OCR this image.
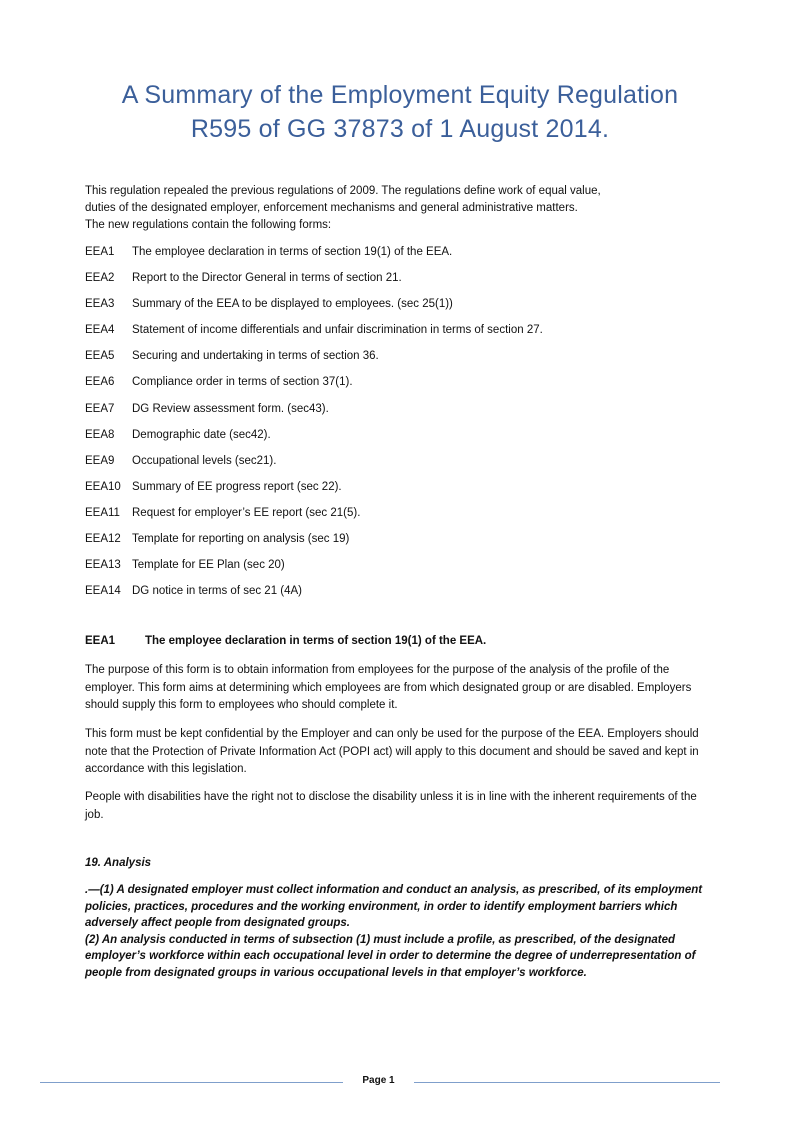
A Summary of the Employment Equity Regulation
R595 of GG 37873 of 1 August 2014.

This regulation repealed the previous regulations of 2009. The regulations define work of equal value,

duties of the designated employer, enforcement mechanisms and general administrative matters.

The new regulations contain the following forms:

EEA1	The employee declaration in terms of section 19(1) of the EEA.
EEA2	Report to the Director General in terms of section 21.
EEA3	Summary of the EEA to be displayed to employees. (sec 25(1))
EEA4	Statement of income differentials and unfair discrimination in terms of section 27.
EEA5	Securing and undertaking in terms of section 36.
EEA6	Compliance order in terms of section 37(1).
EEA7	DG Review assessment form. (sec43).
EEA8	Demographic date (sec42).
EEA9	Occupational levels (sec21).
EEA10 Summary of EE progress report (sec 22).
EEA11	Request for employer’s EE report (sec 21(5).
EEA12 Template for reporting on analysis (sec 19)
EEA13 Template for EE Plan (sec 20)
EEA14 DG notice in terms of sec 21 (4A)
EEA1	The employee declaration in terms of section 19(1) of the EEA.

The purpose of this form is to obtain information from employees for the purpose of the analysis of the profile of the employer. This form aims at determining which employees are from which designated group or are disabled. Employers should supply this form to employees who should complete it.

This form must be kept confidential by the Employer and can only be used for the purpose of the EEA. Employers should note that the Protection of Private Information Act (POPI act) will apply to this document and should be saved and kept in accordance with this legislation.

People with disabilities have the right not to disclose the disability unless it is in line with the inherent requirements of the job.

19. Analysis

.—(1) A designated employer must collect information and conduct an analysis, as prescribed, of its employment policies, practices, procedures and the working environment, in order to identify employment barriers which adversely affect people from designated groups.

(2) An analysis conducted in terms of subsection (1) must include a profile, as prescribed, of the designated employer’s workforce within each occupational level in order to determine the degree of underrepresentation of people from designated groups in various occupational levels in that employer’s workforce.

Page 1
